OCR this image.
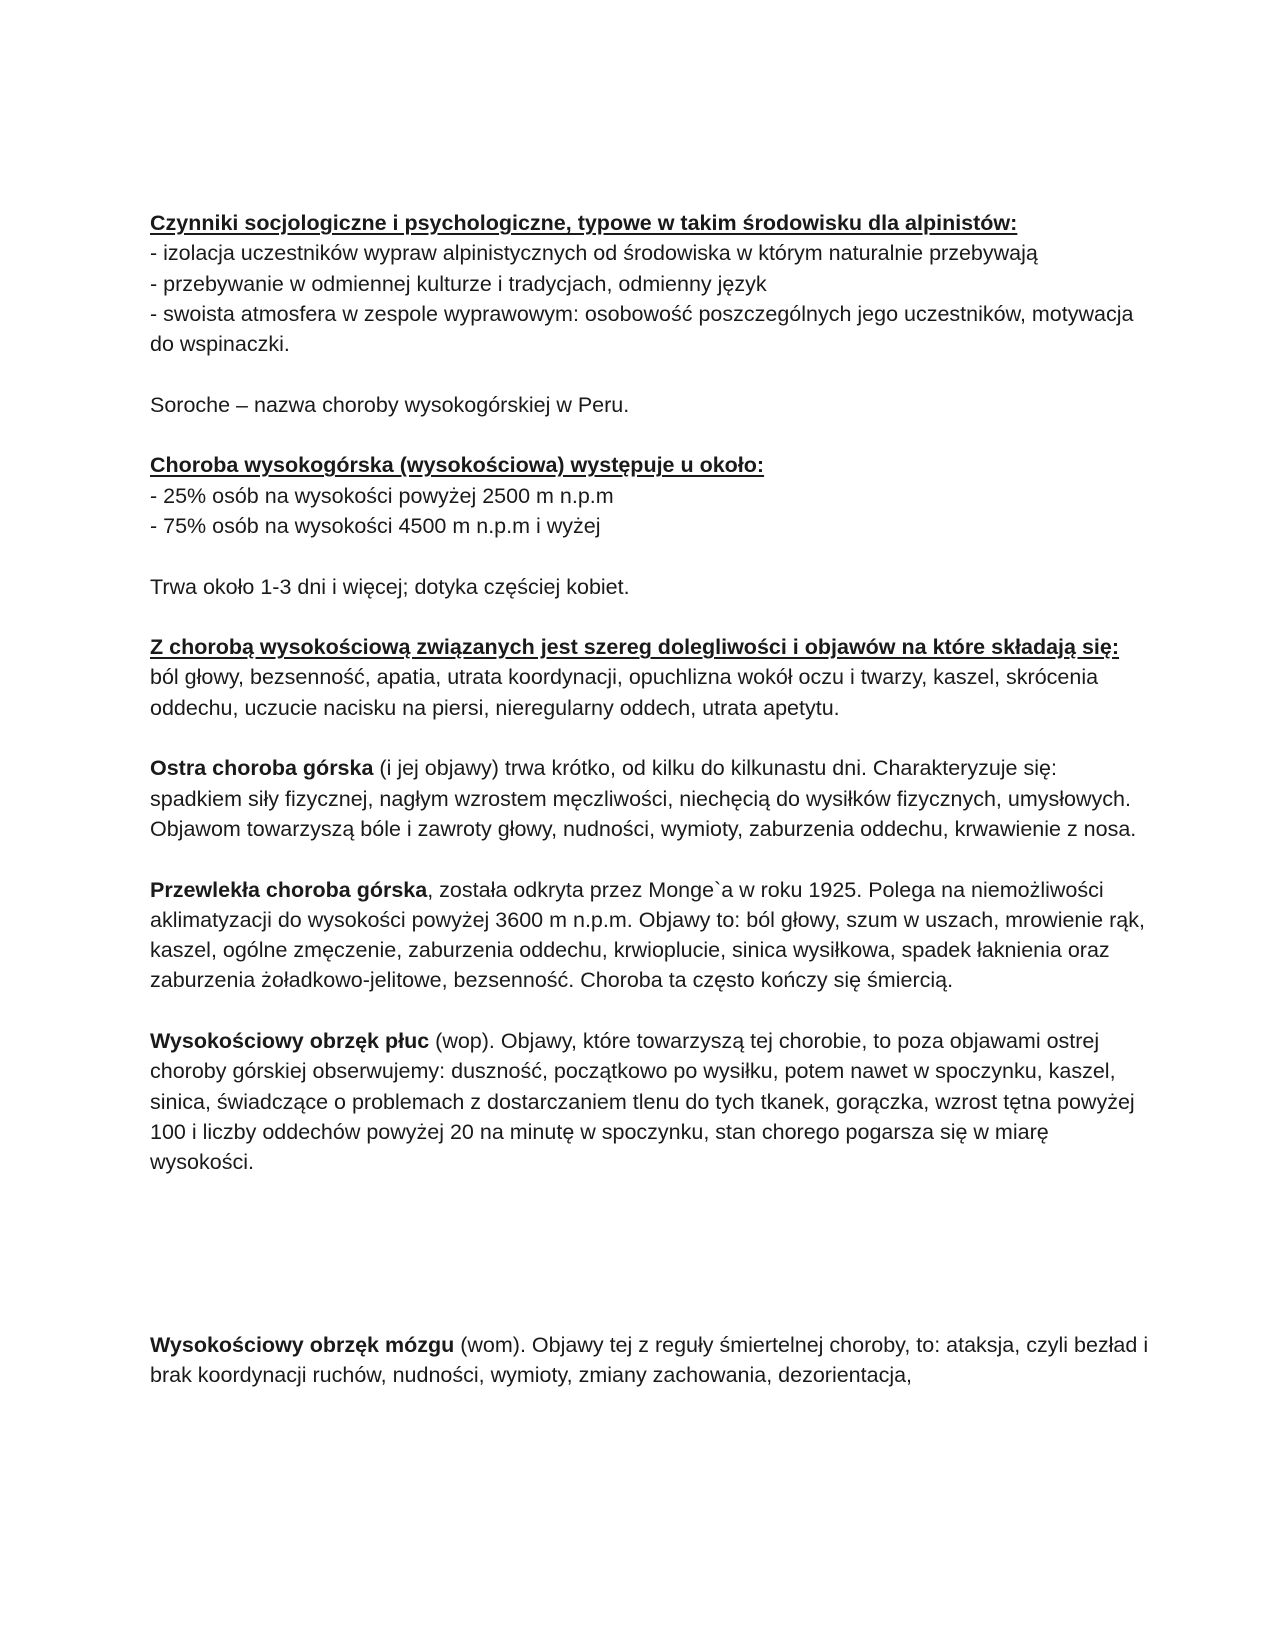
Czynniki socjologiczne i psychologiczne, typowe w takim środowisku dla alpinistów:

- izolacja uczestników wypraw alpinistycznych od środowiska w którym naturalnie przebywają

- przebywanie w odmiennej kulturze i tradycjach, odmienny język

- swoista atmosfera w zespole wyprawowym: osobowość poszczególnych jego uczestników, motywacja do wspinaczki.

Soroche – nazwa choroby wysokogórskiej w Peru.

Choroba wysokogórska (wysokościowa) występuje u około:

- 25% osób na wysokości powyżej 2500 m n.p.m

- 75% osób na wysokości 4500 m n.p.m i wyżej

Trwa około 1-3 dni i więcej; dotyka częściej kobiet.

Z chorobą wysokościową związanych jest szereg dolegliwości i objawów na które składają się: ból głowy, bezsenność, apatia, utrata koordynacji, opuchlizna wokół oczu i twarzy, kaszel, skrócenia oddechu, uczucie nacisku na piersi, nieregularny oddech, utrata apetytu.

Ostra choroba górska (i jej objawy) trwa krótko, od kilku do kilkunastu dni. Charakteryzuje się: spadkiem siły fizycznej, nagłym wzrostem męczliwości, niechęcią do wysiłków fizycznych, umysłowych. Objawom towarzyszą bóle i zawroty głowy, nudności, wymioty, zaburzenia oddechu, krwawienie z nosa.

Przewlekła choroba górska, została odkryta przez Monge`a w roku 1925. Polega na niemożliwości aklimatyzacji do wysokości powyżej 3600 m n.p.m. Objawy to: ból głowy, szum w uszach, mrowienie rąk, kaszel, ogólne zmęczenie, zaburzenia oddechu, krwioplucie, sinica wysiłkowa, spadek łaknienia oraz zaburzenia żoładkowo-jelitowe, bezsenność. Choroba ta często kończy się śmiercią.

Wysokościowy obrzęk płuc (wop). Objawy, które towarzyszą tej chorobie, to poza objawami ostrej choroby górskiej obserwujemy: duszność, początkowo po wysiłku, potem nawet w spoczynku, kaszel, sinica, świadczące o problemach z dostarczaniem tlenu do tych tkanek, gorączka, wzrost tętna powyżej 100 i liczby oddechów powyżej 20 na minutę w spoczynku, stan chorego pogarsza się w miarę wysokości.

Wysokościowy obrzęk mózgu (wom). Objawy tej z reguły śmiertelnej choroby, to: ataksja, czyli bezład i brak koordynacji ruchów, nudności, wymioty, zmiany zachowania, dezorientacja,
